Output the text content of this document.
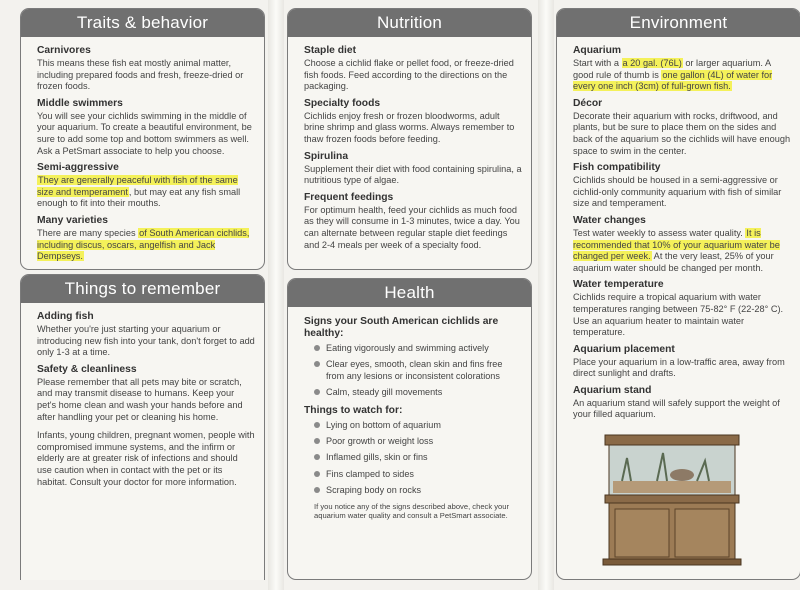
Traits & behavior
Carnivores

This means these fish eat mostly animal matter, including prepared foods and fresh, freeze-dried or frozen foods.

Middle swimmers

You will see your cichlids swimming in the middle of your aquarium. To create a beautiful environment, be sure to add some top and bottom swimmers as well. Ask a PetSmart associate to help you choose.

Semi-aggressive

They are generally peaceful with fish of the same size and temperament, but may eat any fish small enough to fit into their mouths.

Many varieties

There are many species of South American cichlids, including discus, oscars, angelfish and Jack Dempseys.

Things to remember
Adding fish

Whether you're just starting your aquarium or introducing new fish into your tank, don't forget to add only 1-3 at a time.

Safety & cleanliness

Please remember that all pets may bite or scratch, and may transmit disease to humans. Keep your pet's home clean and wash your hands before and after handling your pet or cleaning his home.

Infants, young children, pregnant women, people with compromised immune systems, and the infirm or elderly are at greater risk of infections and should use caution when in contact with the pet or its habitat. Consult your doctor for more information.

Nutrition
Staple diet

Choose a cichlid flake or pellet food, or freeze-dried fish foods. Feed according to the directions on the packaging.

Specialty foods

Cichlids enjoy fresh or frozen bloodworms, adult brine shrimp and glass worms. Always remember to thaw frozen foods before feeding.

Spirulina

Supplement their diet with food containing spirulina, a nutritious type of algae.

Frequent feedings

For optimum health, feed your cichlids as much food as they will consume in 1-3 minutes, twice a day. You can alternate between regular staple diet feedings and 2-4 meals per week of a specialty food.

Health
Signs your South American cichlids are healthy:
Eating vigorously and swimming actively
Clear eyes, smooth, clean skin and fins free from any lesions or inconsistent colorations
Calm, steady gill movements
Things to watch for:
Lying on bottom of aquarium
Poor growth or weight loss
Inflamed gills, skin or fins
Fins clamped to sides
Scraping body on rocks

If you notice any of the signs described above, check your aquarium water quality and consult a PetSmart associate.

Environment
Aquarium

Start with a a 20 gal. (76L) or larger aquarium. A good rule of thumb is one gallon (4L) of water for every one inch (3cm) of full-grown fish.

Décor

Decorate their aquarium with rocks, driftwood, and plants, but be sure to place them on the sides and back of the aquarium so the cichlids will have enough space to swim in the center.

Fish compatibility

Cichlids should be housed in a semi-aggressive or cichlid-only community aquarium with fish of similar size and temperament.

Water changes

Test water weekly to assess water quality. It is recommended that 10% of your aquarium water be changed per week. At the very least, 25% of your aquarium water should be changed per month.

Water temperature

Cichlids require a tropical aquarium with water temperatures ranging between 75-82° F (22-28° C). Use an aquarium heater to maintain water temperature.

Aquarium placement

Place your aquarium in a low-traffic area, away from direct sunlight and drafts.

Aquarium stand

An aquarium stand will safely support the weight of your filled aquarium.
